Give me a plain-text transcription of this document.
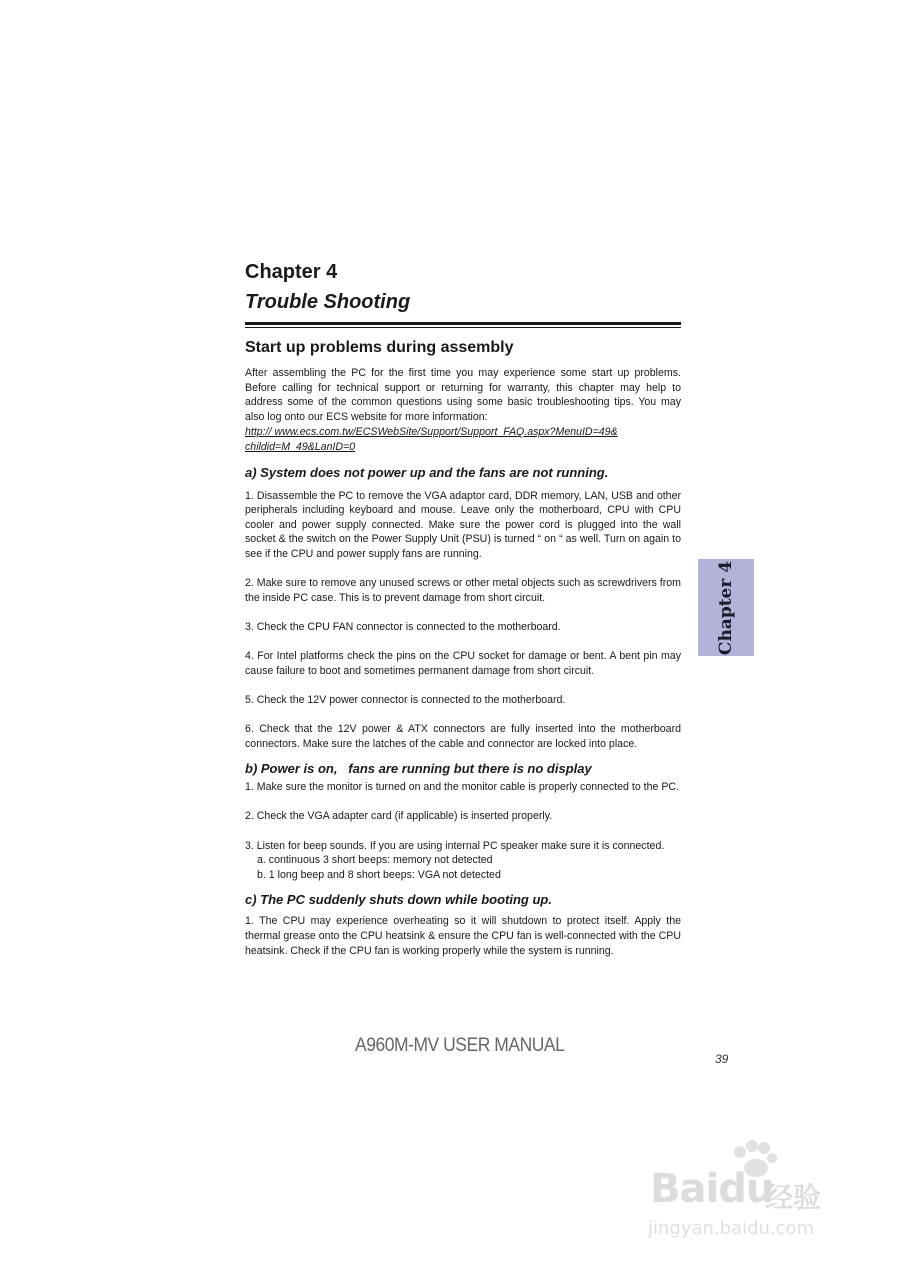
Chapter 4
Trouble Shooting
Start up problems during assembly

After assembling the PC for the first time you may experience some start up problems. Before calling for technical support or returning for warranty, this chapter may help to address some of the common questions using some basic troubleshooting tips. You may also log onto our ECS website for more information:

http:// www.ecs.com.tw/ECSWebSite/Support/Support_FAQ.aspx?MenuID=49& childid=M_49&LanID=0

a) System does not power up and the fans are not running.

1. Disassemble the PC to remove the VGA adaptor card, DDR memory, LAN, USB and other peripherals including keyboard and mouse. Leave only the motherboard, CPU with CPU cooler and power supply connected. Make sure the power cord is plugged into the wall socket & the switch on the Power Supply Unit (PSU) is turned “ on “ as well. Turn on again to see if the CPU and power supply fans are running.

2. Make sure to remove any unused screws or other metal objects such as screwdrivers from the inside PC case. This is to prevent damage from short circuit.

3. Check the CPU FAN connector is connected to the motherboard.

4. For Intel platforms check the pins on the CPU socket for damage or bent. A bent pin may cause failure to boot and sometimes permanent damage from short circuit.

5. Check the 12V power connector is connected to the motherboard.

6. Check that the 12V power & ATX connectors are fully inserted into the motherboard connectors. Make sure the latches of the cable and connector are locked into place.

b) Power is on,   fans are running but there is no display

1. Make sure the monitor is turned on and the monitor cable is properly connected to the PC.

2. Check the VGA adapter card (if applicable) is inserted properly.

3. Listen for beep sounds. If you are using internal PC speaker make sure it is connected.

a. continuous 3 short beeps: memory not detected

b. 1 long beep and 8 short beeps: VGA not detected

c) The PC suddenly shuts down while booting up.

1. The CPU may experience overheating so it will shutdown to protect itself. Apply the thermal grease onto the CPU heatsink & ensure the CPU fan is well-connected with the CPU heatsink. Check if the CPU fan is working properly while the system is running.

A960M-MV USER MANUAL
39
Chapter 4
Baidu
经验
jingyan.baidu.com
